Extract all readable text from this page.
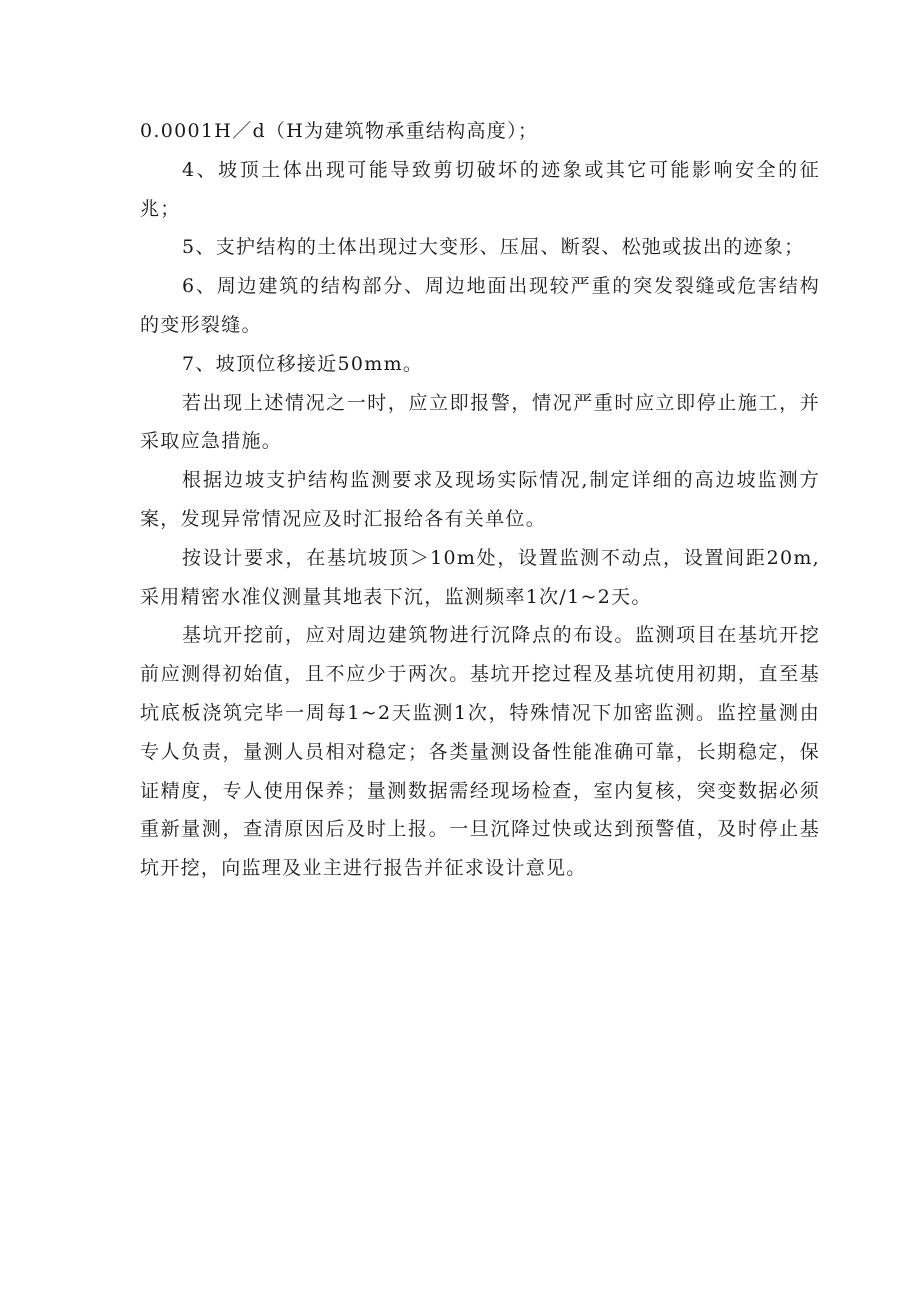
0.0001H／d（H为建筑物承重结构高度）；

4、坡顶土体出现可能导致剪切破坏的迹象或其它可能影响安全的征兆；

5、支护结构的土体出现过大变形、压屈、断裂、松弛或拔出的迹象；

6、周边建筑的结构部分、周边地面出现较严重的突发裂缝或危害结构的变形裂缝。

7、坡顶位移接近50mm。

若出现上述情况之一时，应立即报警，情况严重时应立即停止施工，并采取应急措施。

根据边坡支护结构监测要求及现场实际情况,制定详细的高边坡监测方案，发现异常情况应及时汇报给各有关单位。

按设计要求，在基坑坡顶＞10m处，设置监测不动点，设置间距20m,采用精密水准仪测量其地表下沉，监测频率1次/1~2天。

基坑开挖前，应对周边建筑物进行沉降点的布设。监测项目在基坑开挖前应测得初始值，且不应少于两次。基坑开挖过程及基坑使用初期，直至基坑底板浇筑完毕一周每1~2天监测1次，特殊情况下加密监测。监控量测由专人负责，量测人员相对稳定；各类量测设备性能准确可靠，长期稳定，保证精度，专人使用保养；量测数据需经现场检查，室内复核，突变数据必须重新量测，查清原因后及时上报。一旦沉降过快或达到预警值，及时停止基坑开挖，向监理及业主进行报告并征求设计意见。
